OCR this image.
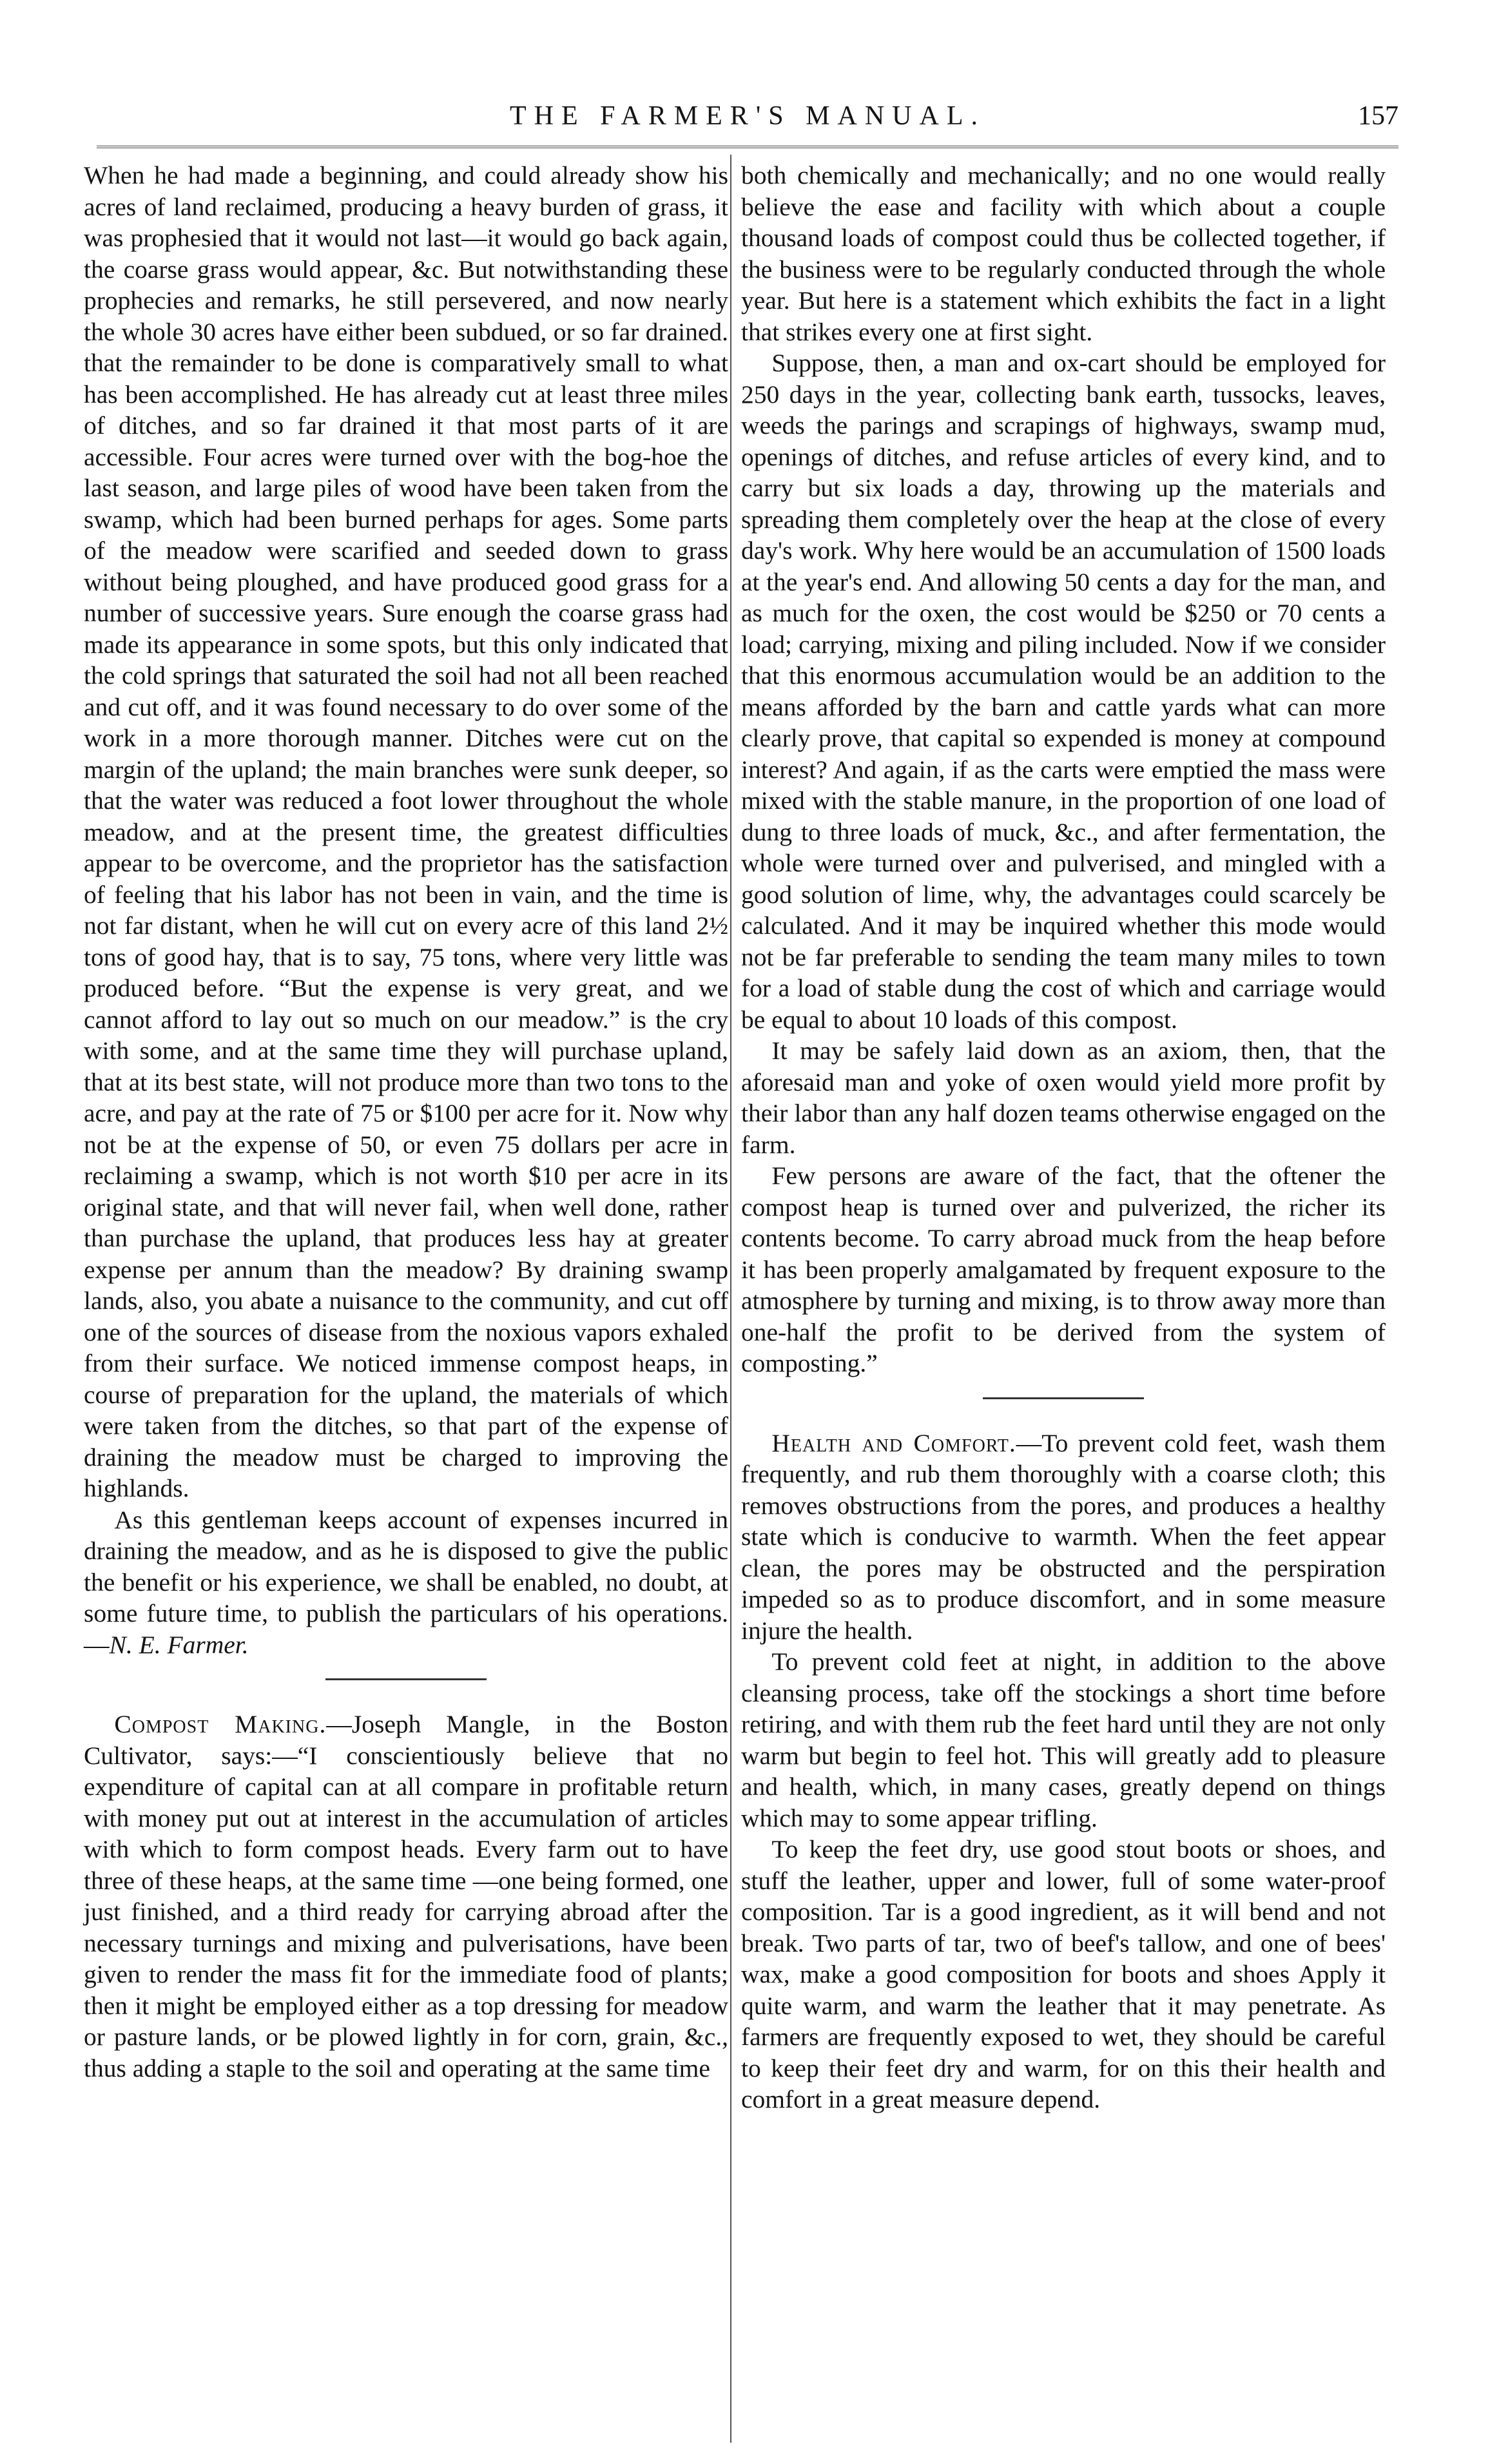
THE FARMER'S MANUAL.	157

When he had made a beginning, and could already show his acres of land reclaimed, producing a heavy burden of grass, it was prophesied that it would not last—it would go back again, the coarse grass would appear, &c. But notwithstanding these prophecies and remarks, he still persevered, and now nearly the whole 30 acres have either been subdued, or so far drained. that the remainder to be done is comparatively small to what has been accomplished. He has already cut at least three miles of ditches, and so far drained it that most parts of it are accessible. Four acres were turned over with the bog-hoe the last season, and large piles of wood have been taken from the swamp, which had been burned perhaps for ages. Some parts of the meadow were scarified and seeded down to grass without being ploughed, and have produced good grass for a number of successive years. Sure enough the coarse grass had made its appearance in some spots, but this only indicated that the cold springs that saturated the soil had not all been reached and cut off, and it was found necessary to do over some of the work in a more thorough manner. Ditches were cut on the margin of the upland; the main branches were sunk deeper, so that the water was reduced a foot lower throughout the whole meadow, and at the present time, the greatest difficulties appear to be overcome, and the proprietor has the satisfaction of feeling that his labor has not been in vain, and the time is not far distant, when he will cut on every acre of this land 2½ tons of good hay, that is to say, 75 tons, where very little was produced before. “But the expense is very great, and we cannot afford to lay out so much on our meadow.” is the cry with some, and at the same time they will purchase upland, that at its best state, will not produce more than two tons to the acre, and pay at the rate of 75 or $100 per acre for it. Now why not be at the expense of 50, or even 75 dollars per acre in reclaiming a swamp, which is not worth $10 per acre in its original state, and that will never fail, when well done, rather than purchase the upland, that produces less hay at greater expense per annum than the meadow? By draining swamp lands, also, you abate a nuisance to the community, and cut off one of the sources of disease from the noxious vapors exhaled from their surface. We noticed immense compost heaps, in course of preparation for the upland, the materials of which were taken from the ditches, so that part of the expense of draining the meadow must be charged to improving the highlands.

As this gentleman keeps account of expenses incurred in draining the meadow, and as he is disposed to give the public the benefit or his experience, we shall be enabled, no doubt, at some future time, to publish the particulars of his operations.—N. E. Farmer.

Compost Making.—Joseph Mangle, in the Boston Cultivator, says:—“I conscientiously believe that no expenditure of capital can at all compare in profitable return with money put out at interest in the accumulation of articles with which to form compost heads. Every farm out to have three of these heaps, at the same time —one being formed, one just finished, and a third ready for carrying abroad after the necessary turnings and mixing and pulverisations, have been given to render the mass fit for the immediate food of plants; then it might be employed either as a top dressing for meadow or pasture lands, or be plowed lightly in for corn, grain, &c., thus adding a staple to the soil and operating at the same time

both chemically and mechanically; and no one would really believe the ease and facility with which about a couple thousand loads of compost could thus be collected together, if the business were to be regularly conducted through the whole year. But here is a statement which exhibits the fact in a light that strikes every one at first sight.

Suppose, then, a man and ox-cart should be employed for 250 days in the year, collecting bank earth, tussocks, leaves, weeds the parings and scrapings of highways, swamp mud, openings of ditches, and refuse articles of every kind, and to carry but six loads a day, throwing up the materials and spreading them completely over the heap at the close of every day's work. Why here would be an accumulation of 1500 loads at the year's end. And allowing 50 cents a day for the man, and as much for the oxen, the cost would be $250 or 70 cents a load; carrying, mixing and piling included. Now if we consider that this enormous accumulation would be an addition to the means afforded by the barn and cattle yards what can more clearly prove, that capital so expended is money at compound interest? And again, if as the carts were emptied the mass were mixed with the stable manure, in the proportion of one load of dung to three loads of muck, &c., and after fermentation, the whole were turned over and pulverised, and mingled with a good solution of lime, why, the advantages could scarcely be calculated. And it may be inquired whether this mode would not be far preferable to sending the team many miles to town for a load of stable dung the cost of which and carriage would be equal to about 10 loads of this compost.

It may be safely laid down as an axiom, then, that the aforesaid man and yoke of oxen would yield more profit by their labor than any half dozen teams otherwise engaged on the farm.

Few persons are aware of the fact, that the oftener the compost heap is turned over and pulverized, the richer its contents become. To carry abroad muck from the heap before it has been properly amalgamated by frequent exposure to the atmosphere by turning and mixing, is to throw away more than one-half the profit to be derived from the system of composting.”

Health and Comfort.—To prevent cold feet, wash them frequently, and rub them thoroughly with a coarse cloth; this removes obstructions from the pores, and produces a healthy state which is conducive to warmth. When the feet appear clean, the pores may be obstructed and the perspiration impeded so as to produce discomfort, and in some measure injure the health.

To prevent cold feet at night, in addition to the above cleansing process, take off the stockings a short time before retiring, and with them rub the feet hard until they are not only warm but begin to feel hot. This will greatly add to pleasure and health, which, in many cases, greatly depend on things which may to some appear trifling.

To keep the feet dry, use good stout boots or shoes, and stuff the leather, upper and lower, full of some water-proof composition. Tar is a good ingredient, as it will bend and not break. Two parts of tar, two of beef's tallow, and one of bees' wax, make a good composition for boots and shoes Apply it quite warm, and warm the leather that it may penetrate. As farmers are frequently exposed to wet, they should be careful to keep their feet dry and warm, for on this their health and comfort in a great measure depend.
